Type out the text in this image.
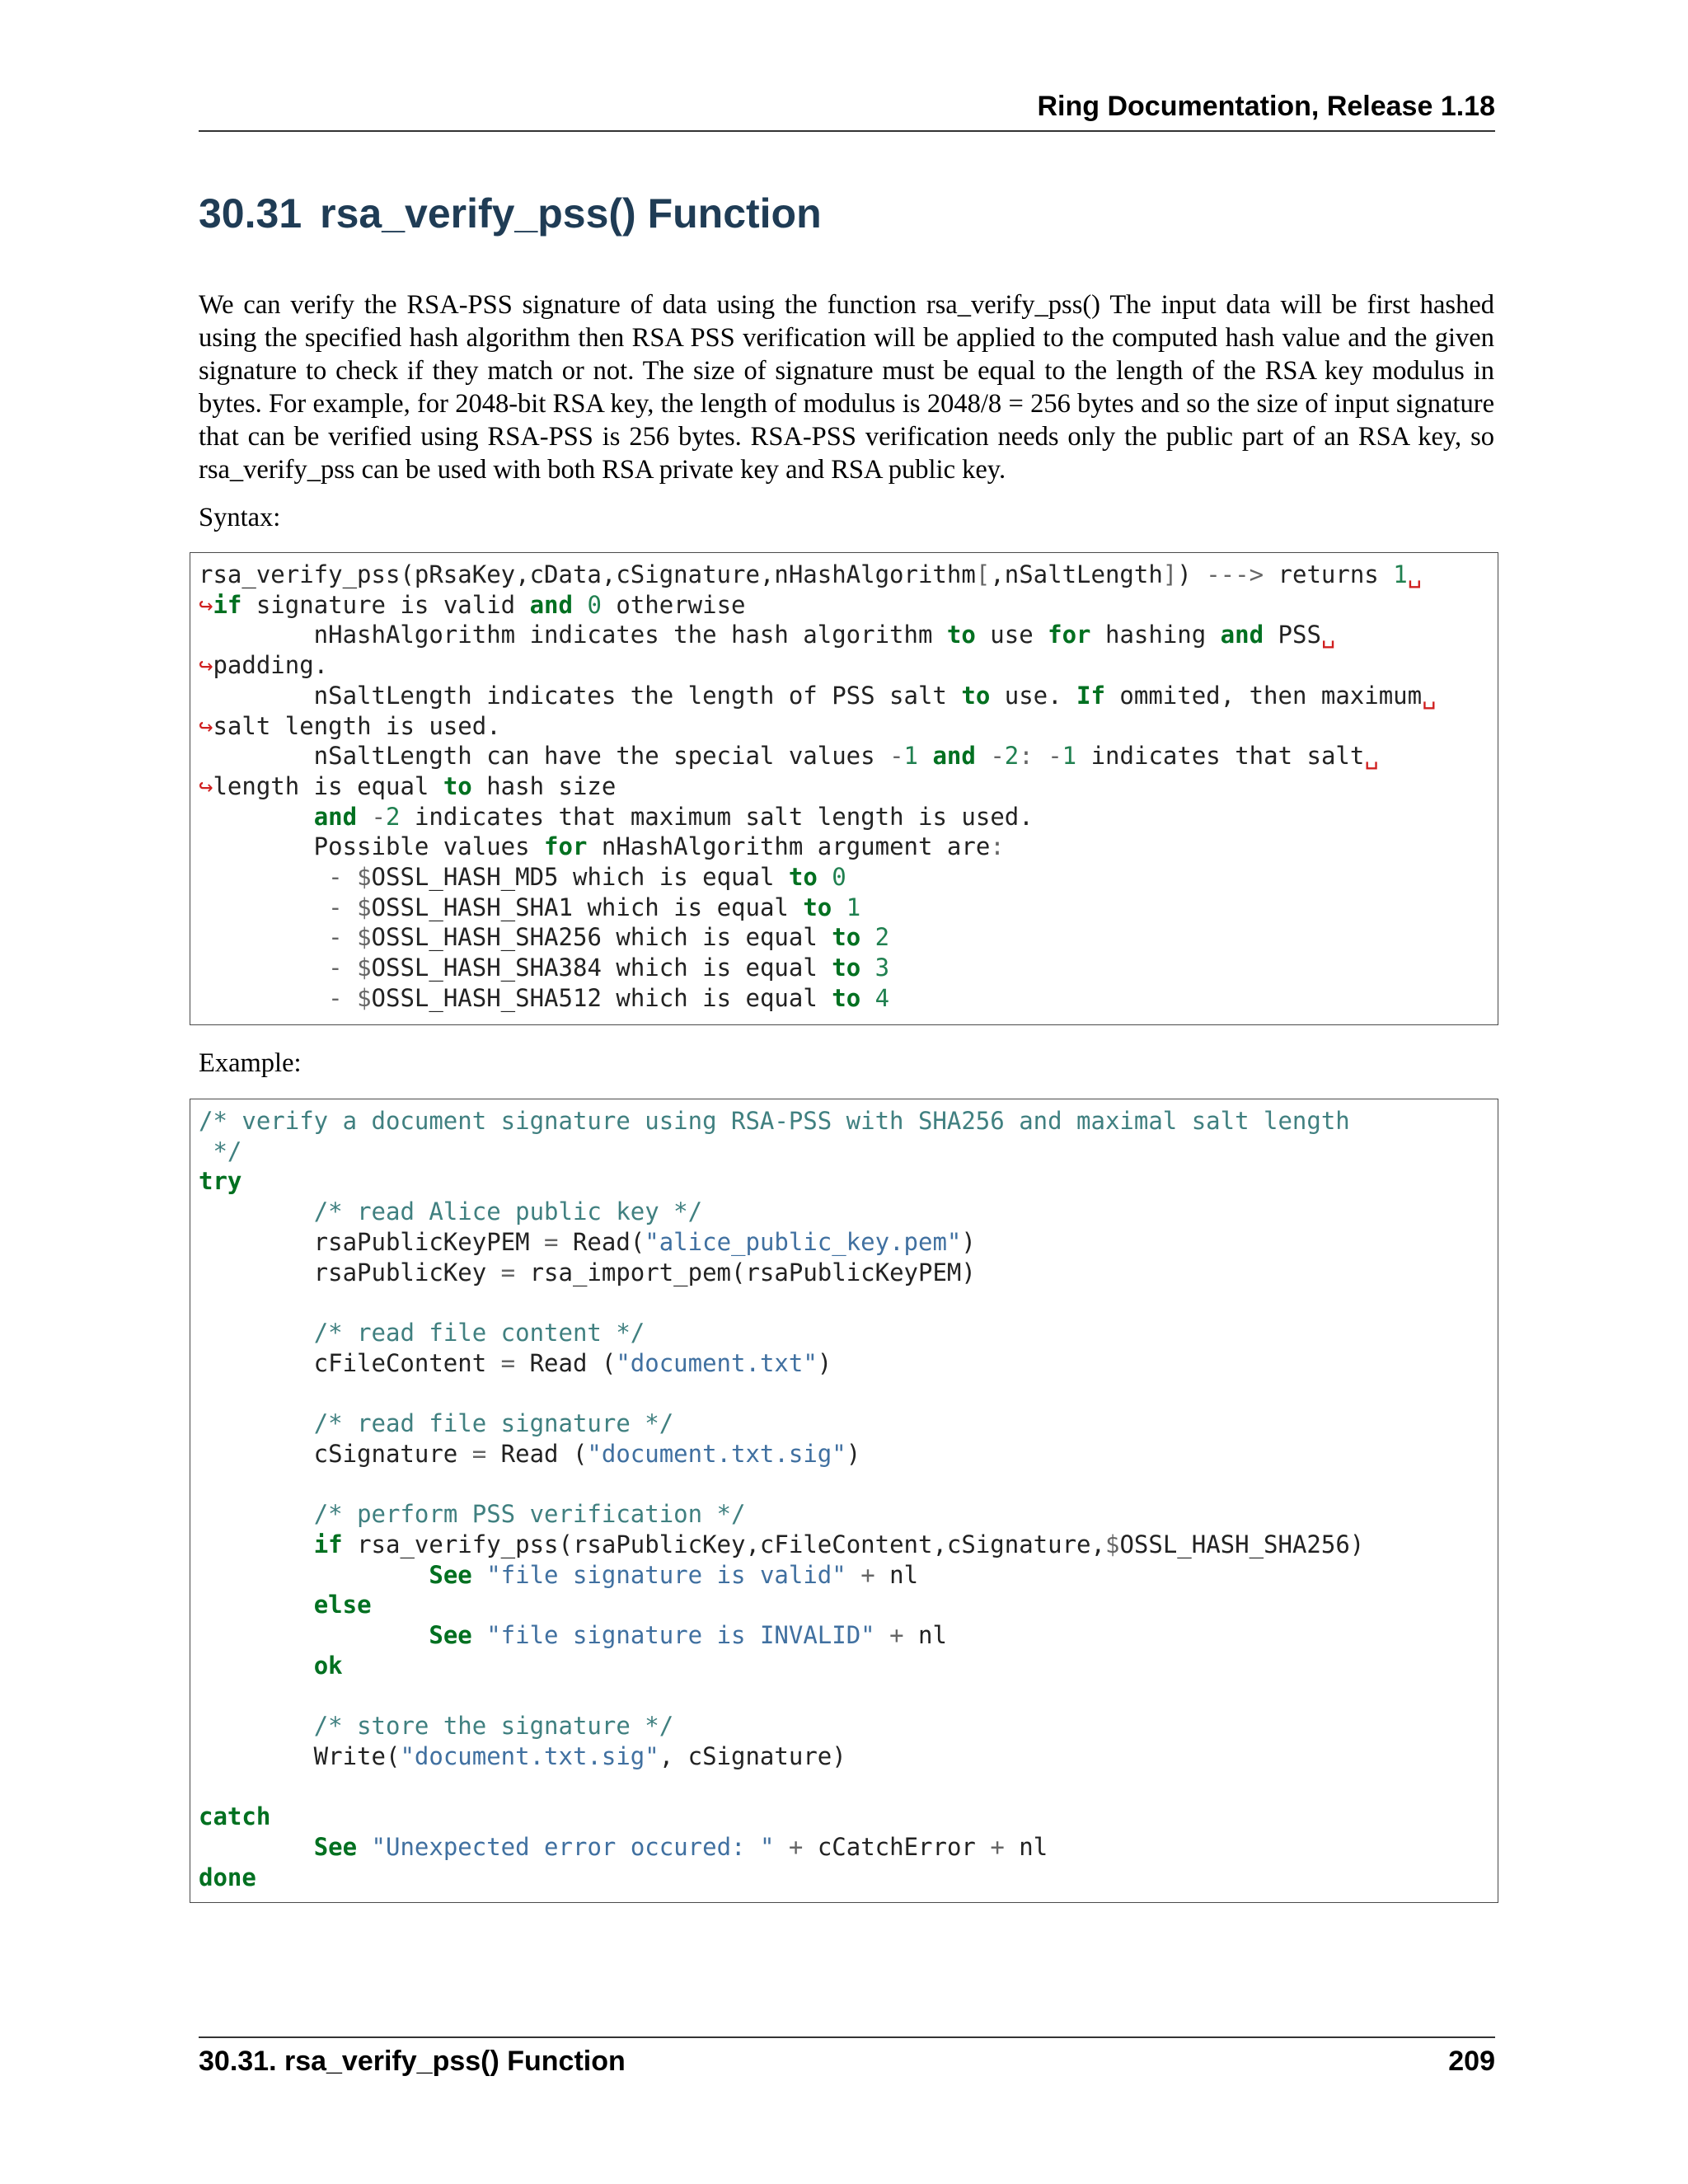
Ring Documentation, Release 1.18
30.31 rsa_verify_pss() Function

We can verify the RSA-PSS signature of data using the function rsa_verify_pss() The input data will be first hashed using the specified hash algorithm then RSA PSS verification will be applied to the computed hash value and the given signature to check if they match or not. The size of signature must be equal to the length of the RSA key modulus in bytes. For example, for 2048-bit RSA key, the length of modulus is 2048/8 = 256 bytes and so the size of input signature that can be verified using RSA-PSS is 256 bytes. RSA-PSS verification needs only the public part of an RSA key, so rsa_verify_pss can be used with both RSA private key and RSA public key.

Syntax:

rsa_verify_pss(pRsaKey,cData,cSignature,nHashAlgorithm[,nSaltLength]) ---> returns 1␣
↪if signature is valid and 0 otherwise
nHashAlgorithm indicates the hash algorithm to use for hashing and PSS␣
↪padding.
nSaltLength indicates the length of PSS salt to use. If ommited, then maximum␣
↪salt length is used.
nSaltLength can have the special values -1 and -2: -1 indicates that salt␣
↪length is equal to hash size
and -2 indicates that maximum salt length is used.
Possible values for nHashAlgorithm argument are:
- $OSSL_HASH_MD5 which is equal to 0
- $OSSL_HASH_SHA1 which is equal to 1
- $OSSL_HASH_SHA256 which is equal to 2
- $OSSL_HASH_SHA384 which is equal to 3
- $OSSL_HASH_SHA512 which is equal to 4

Example:

/* verify a document signature using RSA-PSS with SHA256 and maximal salt length
*/
try
/* read Alice public key */
rsaPublicKeyPEM = Read("alice_public_key.pem")
rsaPublicKey = rsa_import_pem(rsaPublicKeyPEM)

/* read file content */
cFileContent = Read ("document.txt")

/* read file signature */
cSignature = Read ("document.txt.sig")

/* perform PSS verification */
if rsa_verify_pss(rsaPublicKey,cFileContent,cSignature,$OSSL_HASH_SHA256)
See "file signature is valid" + nl
else
See "file signature is INVALID" + nl
ok

/* store the signature */
Write("document.txt.sig", cSignature)

catch
See "Unexpected error occured: " + cCatchError + nl
done
30.31. rsa_verify_pss() Function	209
